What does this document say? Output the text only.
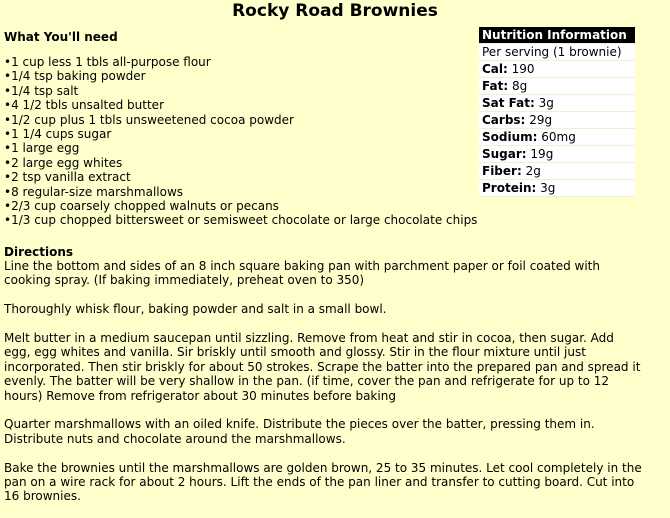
Rocky Road Brownies
What You'll need
•1 cup less 1 tbls all-purpose flour
•1/4 tsp baking powder
•1/4 tsp salt
•4 1/2 tbls unsalted butter
•1/2 cup plus 1 tbls unsweetened cocoa powder
•1 1/4 cups sugar
•1 large egg
•2 large egg whites
•2 tsp vanilla extract
•8 regular-size marshmallows
•2/3 cup coarsely chopped walnuts or pecans
•1/3 cup chopped bittersweet or semisweet chocolate or large chocolate chips
Nutrition Information
Per serving (1 brownie)
Cal: 190
Fat: 8g
Sat Fat: 3g
Carbs: 29g
Sodium: 60mg
Sugar: 19g
Fiber: 2g
Protein: 3g
Directions

Line the bottom and sides of an 8 inch square baking pan with parchment paper or foil coated with cooking spray. (If baking immediately, preheat oven to 350)

Thoroughly whisk flour, baking powder and salt in a small bowl.

Melt butter in a medium saucepan until sizzling. Remove from heat and stir in cocoa, then sugar. Add egg, egg whites and vanilla. Sir briskly until smooth and glossy. Stir in the flour mixture until just incorporated. Then stir briskly for about 50 strokes. Scrape the batter into the prepared pan and spread it evenly. The batter will be very shallow in the pan. (if time, cover the pan and refrigerate for up to 12 hours) Remove from refrigerator about 30 minutes before baking

Quarter marshmallows with an oiled knife. Distribute the pieces over the batter, pressing them in. Distribute nuts and chocolate around the marshmallows.

Bake the brownies until the marshmallows are golden brown, 25 to 35 minutes. Let cool completely in the pan on a wire rack for about 2 hours. Lift the ends of the pan liner and transfer to cutting board. Cut into 16 brownies.
